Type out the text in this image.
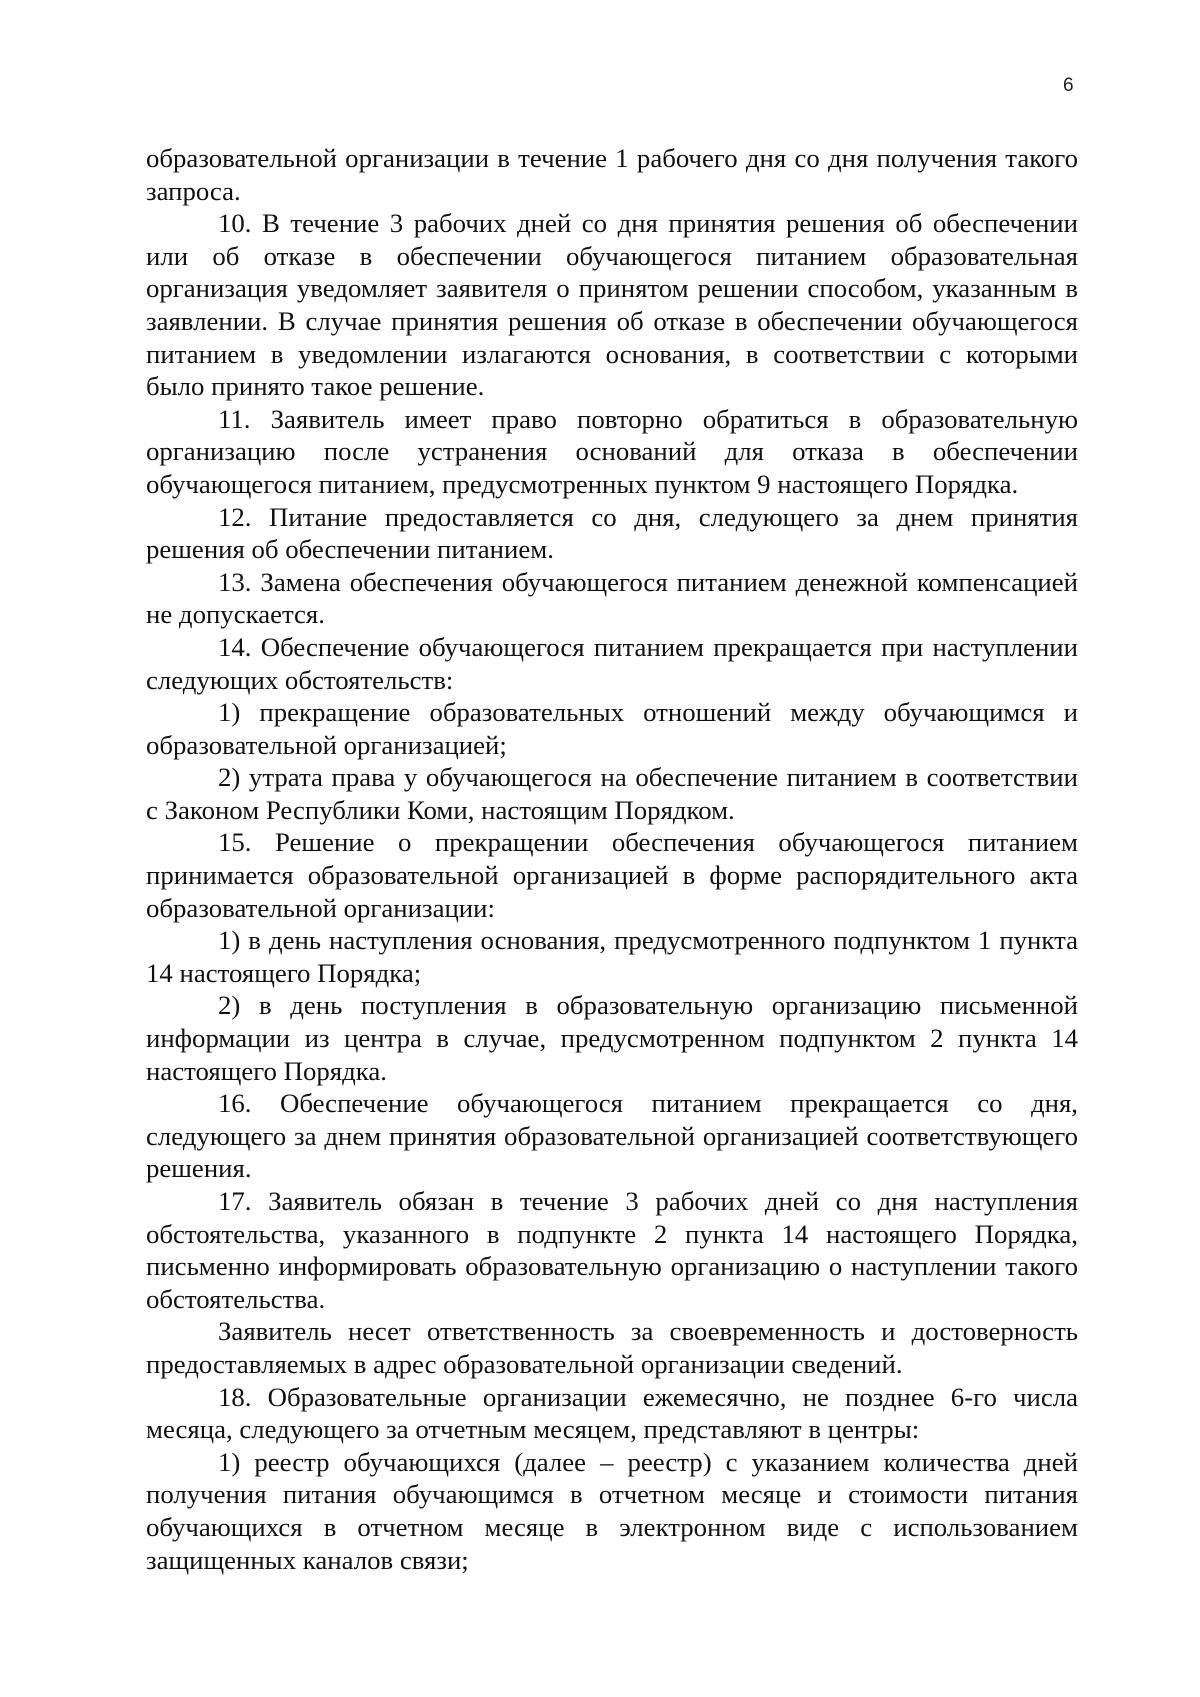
6

образовательной организации в течение 1 рабочего дня со дня получения такого запроса.

10. В течение 3 рабочих дней со дня принятия решения об обеспечении или об отказе в обеспечении обучающегося питанием образовательная организация уведомляет заявителя о принятом решении способом, указанным в заявлении. В случае принятия решения об отказе в обеспечении обучающегося питанием в уведомлении излагаются основания, в соответствии с которыми было принято такое решение.

11. Заявитель имеет право повторно обратиться в образовательную организацию после устранения оснований для отказа в обеспечении обучающегося питанием, предусмотренных пунктом 9 настоящего Порядка.

12. Питание предоставляется со дня, следующего за днем принятия решения об обеспечении питанием.

13. Замена обеспечения обучающегося питанием денежной компенсацией не допускается.

14. Обеспечение обучающегося питанием прекращается при наступлении следующих обстоятельств:

1) прекращение образовательных отношений между обучающимся и образовательной организацией;

2) утрата права у обучающегося на обеспечение питанием в соответствии с Законом Республики Коми, настоящим Порядком.

15. Решение о прекращении обеспечения обучающегося питанием принимается образовательной организацией в форме распорядительного акта образовательной организации:

1) в день наступления основания, предусмотренного подпунктом 1 пункта 14 настоящего Порядка;

2) в день поступления в образовательную организацию письменной информации из центра в случае, предусмотренном подпунктом 2 пункта 14 настоящего Порядка.

16. Обеспечение обучающегося питанием прекращается со дня, следующего за днем принятия образовательной организацией соответствующего решения.

17. Заявитель обязан в течение 3 рабочих дней со дня наступления обстоятельства, указанного в подпункте 2 пункта 14 настоящего Порядка, письменно информировать образовательную организацию о наступлении такого обстоятельства.

Заявитель несет ответственность за своевременность и достоверность предоставляемых в адрес образовательной организации сведений.

18. Образовательные организации ежемесячно, не позднее 6-го числа месяца, следующего за отчетным месяцем, представляют в центры:

1) реестр обучающихся (далее – реестр) с указанием количества дней получения питания обучающимся в отчетном месяце и стоимости питания обучающихся в отчетном месяце в электронном виде с использованием защищенных каналов связи;
